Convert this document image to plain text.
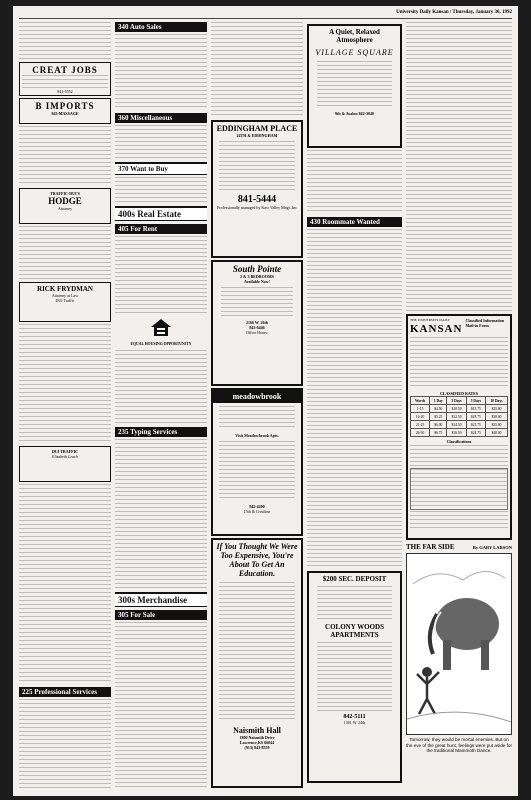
University Daily Kansan / Thursday, January 30, 1992
CREAT JOBS
841-5552
B IMPORTS
843-MASSAGE
TRAFFIC-DUI'S
HODGE
Attorney
RICK FRYDMAN
Attorney at Law
DUI Traffic
DUI TRAFFIC
Elizabeth Leach
225 Professional Services
340 Auto Sales
360 Miscellaneous
370 Want to Buy
400s Real Estate
405 For Rent
EQUAL HOUSING OPPORTUNITY
235 Typing Services
300s Merchandise
305 For Sale
EDDINGHAM PLACE
24TH & EDDINGHAM
841-5444
Professionally managed by Kaw Valley Mngt.,Inc
South Pointe
2 & 3 BEDROOMS
Available Now!
2166 W. 26th
843-6446
Office Hours:
meadowbrook
Visit Meadowbrook Apts.
842-4200
15th & Crestline
If You Thought We Were Too Expensive, You're About To Get An Education.
Naismith Hall
1800 Naismith Drive
Lawrence,KS 66044
(913) 843-8559
A Quiet, Relaxed Atmosphere
VILLAGE SQUARE
9th & Avalon 842-3040
430 Roommate Wanted
$200 SEC. DEPOSIT
COLONY WOODS APARTMENTS
842-5111
1301 W. 24th
THE UNIVERSITY DAILY
KANSAN
Classified Information Mail-in Form
CLASSIFIED RATES
Words	1 Day	3 Days	5 Days	10 Days
1-15	$4.50	$10.50	$15.75	$25.00
16-20	$5.25	$12.50	$18.75	$30.00
21-25	$6.00	$14.50	$21.75	$35.00
26-30	$6.75	$16.50	$24.75	$40.00
Classifications
THE FAR SIDE	By GARY LARSON
Tomorrow, they would be mortal enemies. But on the eve of the great hunt, feelings were put aside for the traditional Mammoth Dance.
